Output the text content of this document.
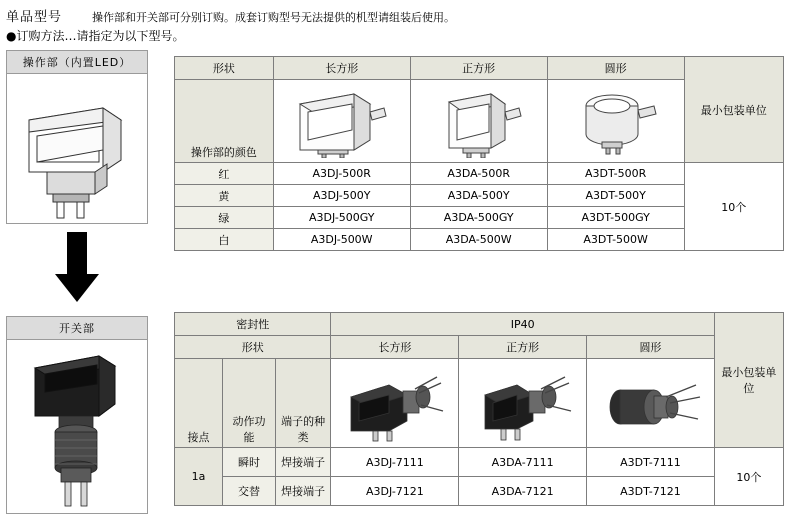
单品型号	操作部和开关部可分别订购。成套订购型号无法提供的机型请组装后使用。
●订购方法…请指定为以下型号。
操作部（内置LED）
开关部
形状	长方形	正方形	圆形	最小包装单位
操作部的颜色	

红	A3DJ-500R	A3DA-500R	A3DT-500R	10个
黄	A3DJ-500Y	A3DA-500Y	A3DT-500Y	
绿	A3DJ-500GY	A3DA-500GY	A3DT-500GY	
白	A3DJ-500W	A3DA-500W	A3DT-500W	
密封性			IP40			最小包装单位
形状			长方形	正方形	圆形	
接点	动作功能	端子的种类	

1a	瞬时	焊接端子	A3DJ-7111	A3DA-7111	A3DT-7111	10个
	交替	焊接端子	A3DJ-7121	A3DA-7121	A3DT-7121	
